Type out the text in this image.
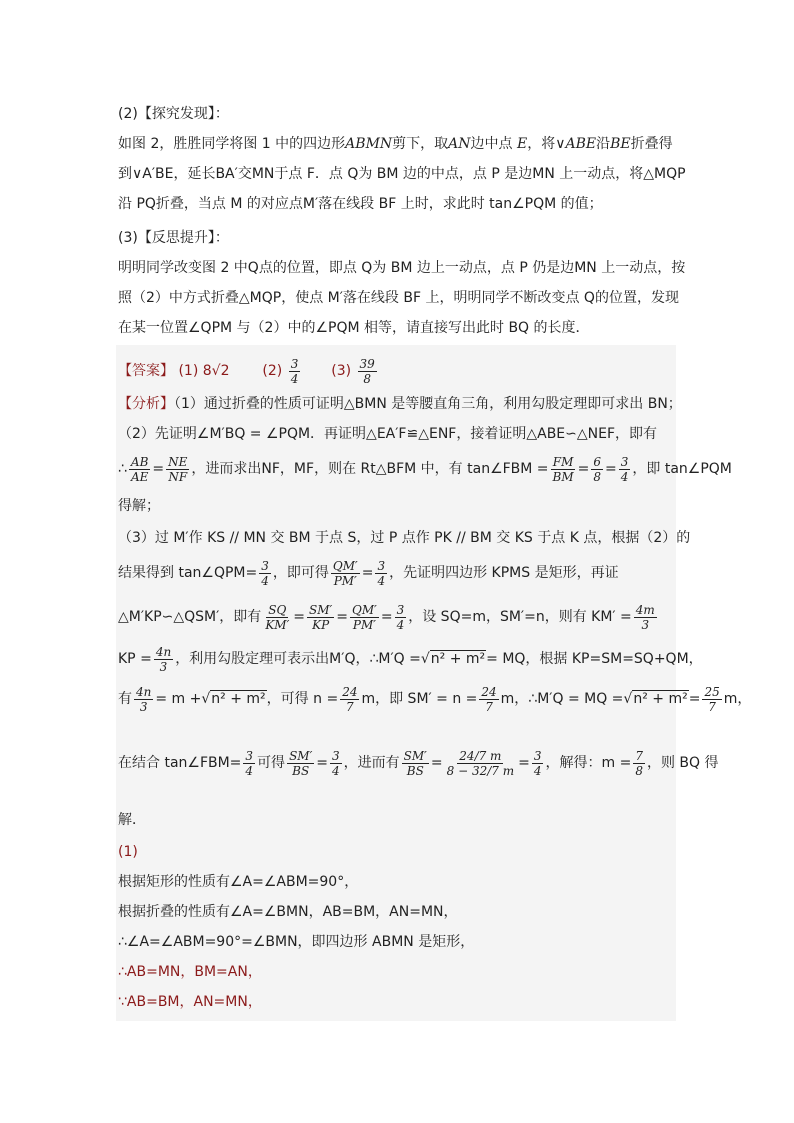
(2)【探究发现】：
如图 2，胜胜同学将图 1 中的四边形ABMN剪下，取AN边中点 E，将∨ABE沿BE折叠得
到∨A′BE，延长BA′交MN于点 F．点 Q为 BM 边的中点，点 P 是边MN 上一动点，将△MQP
沿 PQ折叠，当点 M 的对应点M′落在线段 BF 上时，求此时 tan∠PQM 的值；
(3)【反思提升】：
明明同学改变图 2 中Q点的位置，即点 Q为 BM 边上一动点，点 P 仍是边MN 上一动点，按
照（2）中方式折叠△MQP，使点 M′落在线段 BF 上，明明同学不断改变点 Q的位置，发现
在某一位置∠QPM 与（2）中的∠PQM 相等，请直接写出此时 BQ 的长度．
【答案】 (1) 8√2 $(2) \frac{3}{4} (3) \frac{39}{8}$
【分析】（1）通过折叠的性质可证明△BMN 是等腰直角三角，利用勾股定理即可求出 BN；
（2）先证明∠M′BQ = ∠PQM．再证明△EA′F≌△ENF，接着证明△ABE∽△NEF，即有
∴ $\frac{AB}{AE} = \frac{NE}{NF}$ ，进而求出NF，MF，则在 Rt△BFM 中，有 tan∠FBM = $\frac{FM}{BM} = \frac{6}{8} = \frac{3}{4}$ ，即 tan∠PQM
得解；
（3）过 M′作 KS // MN 交 BM 于点 S，过 P 点作 PK // BM 交 KS 于点 K 点，根据（2）的
结果得到 tan∠QPM= $\frac{3}{4}$ ，即可得 $\frac{QM'}{PM'} = \frac{3}{4}$ ，先证明四边形 KPMS 是矩形，再证
△M′KP∽△QSM′，即有 $\frac{SQ}{KM'} = \frac{SM'}{KP} = \frac{QM'}{PM'} = \frac{3}{4}$ ，设 SQ=m，SM′=n，则有 $KM' = \frac{4m}{3}$
KP = $\frac{4n}{3}$ ，利用勾股定理可表示出M′Q，∴M′Q =√n² + m²= MQ，根据 KP=SM=SQ+QM，
有 $\frac{4n}{3} = m +√n^2 + m^2$，可得 $n = \frac{24}{7}$ m，即 $SM' = n = \frac{24}{7}$ m，∴M′Q = MQ $=√n^2 + m^2= \frac{25}{7}$ m，
在结合 tan∠FBM= $\frac{3}{4}$ 可得 $\frac{SM'}{BS} = \frac{3}{4}$ ，进而有 $\frac{SM'}{BS} = \frac{24/7 m}{8 - 32/7 m} = \frac{3}{4}$ ，解得：$m = \frac{7}{8}$ ，则 BQ 得
解．
(1)
根据矩形的性质有∠A=∠ABM=90°，
根据折叠的性质有∠A=∠BMN，AB=BM，AN=MN，
∴∠A=∠ABM=90°=∠BMN，即四边形 ABMN 是矩形，
∴AB=MN，BM=AN，
∵AB=BM，AN=MN，
